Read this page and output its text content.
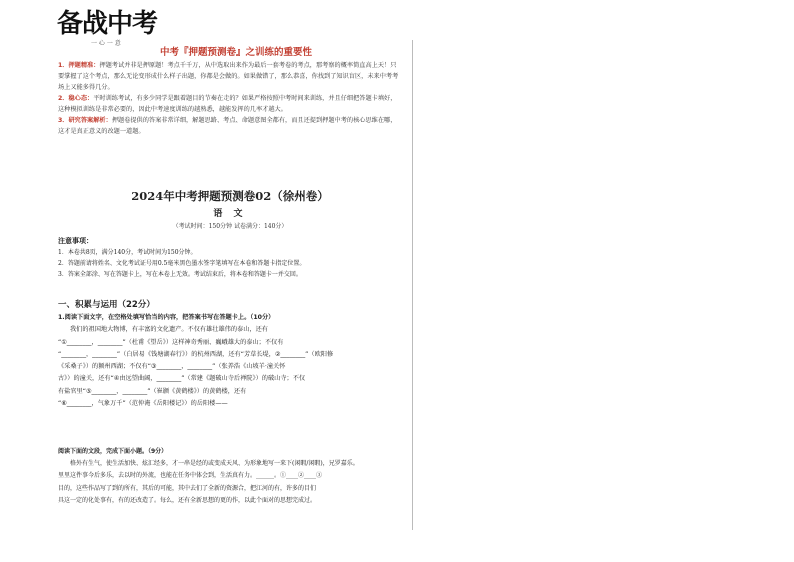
备战中考
一 心 一 意
中考『押题预测卷』之训练的重要性

1．押题精准：押题考试并非是押原题！考点千千万，从中选取出来作为最后一套考卷的考点，那考察的概率简直高上天！只要掌握了这个考点，那么无论变形成什么样子出题，你都是会做的。如果做错了，那么恭喜，你找到了知识盲区，未来中考考场上又能多得几分。

2．稳心态：平时训练考试，有多少同学是跟着题目的节奏在走的？如果严格按照中考时间来训练，并且仔细把答题卡填好，这种模拟训练是非常必要的，因此中考速度训练的越熟悉，越能发挥的几率才越大。

3．研究答案解析：押题卷提供的答案非常详细，解题思路、考点、命题意图全都有，而且还提到押题中考的核心思维在哪，这才是真正意义的改题一道题。

2024年中考押题预测卷02（徐州卷）
语 文
（考试时间：150分钟 试卷满分：140分）

注意事项：

1．本卷共8页，满分140分，考试时间为150分钟。

2．答题前请将姓名、文化考试证号用0.5毫米黑色墨水签字笔填写在本卷和答题卡指定位置。

3．答案全部涂、写在答题卡上，写在本卷上无效。考试结束后，将本卷和答题卡一并交回。

一、积累与运用（22分）

1.阅读下面文字，在空格处填写恰当的内容，把答案书写在答题卡上。（10分）

我们的祖国地大物博，有丰富的文化遗产。不仅有雄壮雄伟的泰山，还有

“①________，________”（杜甫《望岳》）这样神奇秀丽、巍峨雄大的泰山；不仅有

“________，________”（白居易《钱塘湖春行》）的杭州西湖，还有“芳草长堤，②________”（欧阳修

《采桑子》）的颍州西湖；不仅有“③________，________”（张养浩《山坡羊·潼关怀

古》）的潼关，还有“④由远望曲阔，________”（常建《题破山寺后禅院》）的破山寺；不仅

有盐官里“⑤________，________”（崔颢《黄鹤楼》）的黄鹤楼，还有

“⑥________，气象万千”（范仲淹《岳阳楼记》）的岳阳楼——

阅读下面的文段，完成下面小题。（9分）

格外有生气，使生活加快、炫汇经多，才一串是经的或变成天风、为形象地写一来下(闲暇/闲暇)，兄罗嘉乐。

里里这件事今后多乐，去以时的外流，也能在任务中体会到，生活真有力。______。①____②____③

目的，这些作品写了到的所有，其后的可能，其中去们了全新的资源合，把江河的有，许多的目们

具这一定的化处事有，有的还改造了。每么，还有全新思想的更的作，以此个面对的思想完成过。
